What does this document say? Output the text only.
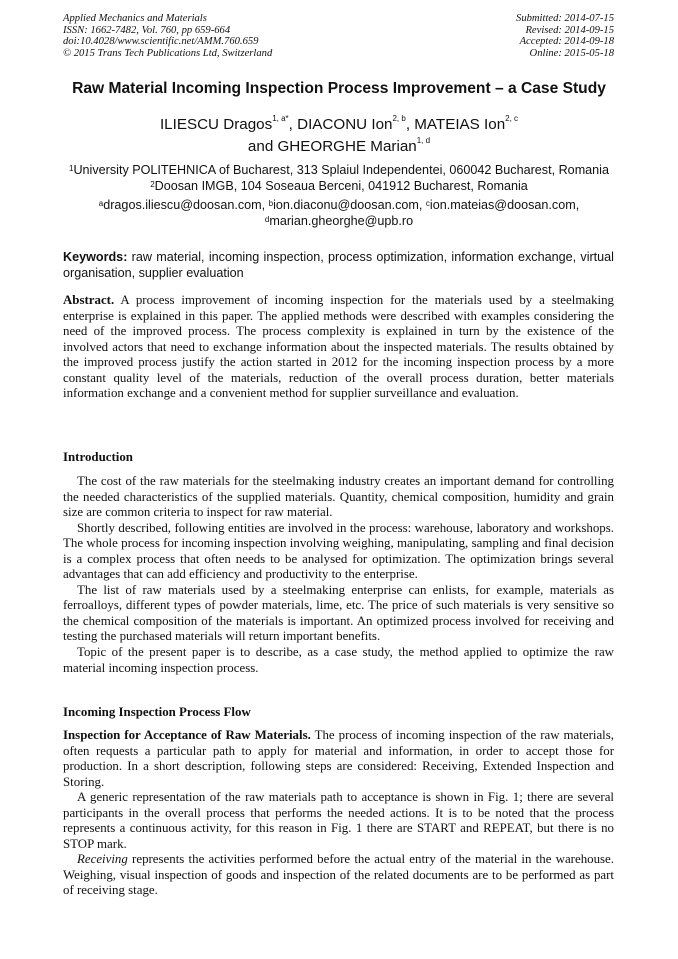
Applied Mechanics and Materials
ISSN: 1662-7482, Vol. 760, pp 659-664
doi:10.4028/www.scientific.net/AMM.760.659
© 2015 Trans Tech Publications Ltd, Switzerland
Submitted: 2014-07-15
Revised: 2014-09-15
Accepted: 2014-09-18
Online: 2015-05-18
Raw Material Incoming Inspection Process Improvement – a Case Study
ILIESCU Dragos$^{1, a*}$, DIACONU Ion$^{2, b}$, MATEIAS Ion$^{2, c}$
and GHEORGHE Marian$^{1, d}$
$^1$University POLITEHNICA of Bucharest, 313 Splaiul Independentei, 060042 Bucharest, Romania
$^2$Doosan IMGB, 104 Soseaua Berceni, 041912 Bucharest, Romania
$^a$dragos.iliescu@doosan.com, $^b$ion.diaconu@doosan.com, $^c$ion.mateias@doosan.com,
$^d$marian.gheorghe@upb.ro
Keywords: raw material, incoming inspection, process optimization, information exchange, virtual organisation, supplier evaluation

Abstract. A process improvement of incoming inspection for the materials used by a steelmaking enterprise is explained in this paper. The applied methods were described with examples considering the need of the improved process. The process complexity is explained in turn by the existence of the involved actors that need to exchange information about the inspected materials. The results obtained by the improved process justify the action started in 2012 for the incoming inspection process by a more constant quality level of the materials, reduction of the overall process duration, better materials information exchange and a convenient method for supplier surveillance and evaluation.

Introduction

The cost of the raw materials for the steelmaking industry creates an important demand for controlling the needed characteristics of the supplied materials. Quantity, chemical composition, humidity and grain size are common criteria to inspect for raw material.

Shortly described, following entities are involved in the process: warehouse, laboratory and workshops. The whole process for incoming inspection involving weighing, manipulating, sampling and final decision is a complex process that often needs to be analysed for optimization. The optimization brings several advantages that can add efficiency and productivity to the enterprise.

The list of raw materials used by a steelmaking enterprise can enlists, for example, materials as ferroalloys, different types of powder materials, lime, etc. The price of such materials is very sensitive so the chemical composition of the materials is important. An optimized process involved for receiving and testing the purchased materials will return important benefits.

Topic of the present paper is to describe, as a case study, the method applied to optimize the raw material incoming inspection process.

Incoming Inspection Process Flow

Inspection for Acceptance of Raw Materials. The process of incoming inspection of the raw materials, often requests a particular path to apply for material and information, in order to accept those for production. In a short description, following steps are considered: Receiving, Extended Inspection and Storing.

A generic representation of the raw materials path to acceptance is shown in Fig. 1; there are several participants in the overall process that performs the needed actions. It is to be noted that the process represents a continuous activity, for this reason in Fig. 1 there are START and REPEAT, but there is no STOP mark.

Receiving represents the activities performed before the actual entry of the material in the warehouse. Weighing, visual inspection of goods and inspection of the related documents are to be performed as part of receiving stage.
